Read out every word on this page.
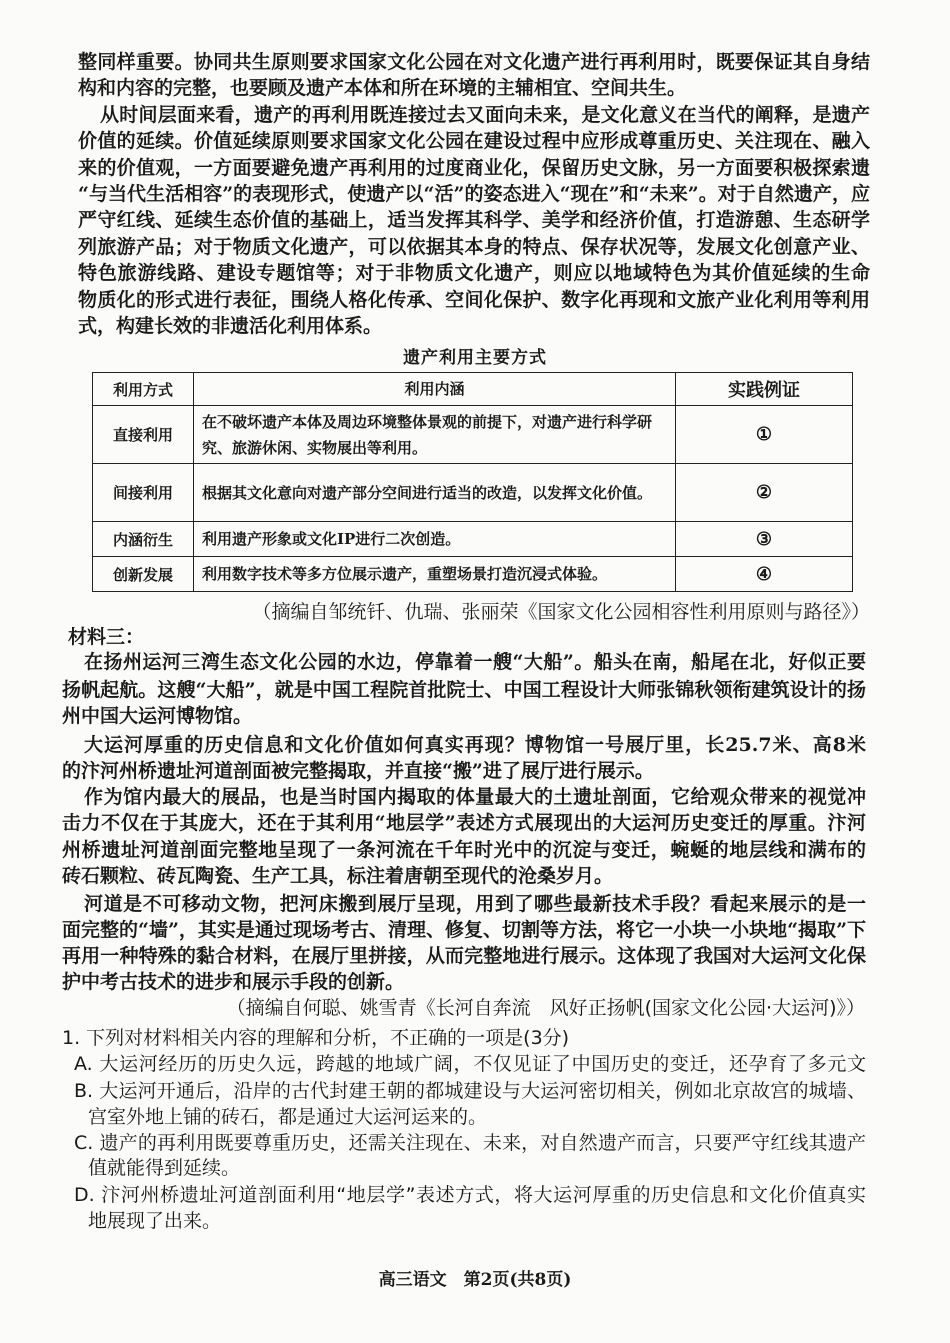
整同样重要。协同共生原则要求国家文化公园在对文化遗产进行再利用时，既要保证其自身结
构和内容的完整，也要顾及遗产本体和所在环境的主辅相宜、空间共生。
从时间层面来看，遗产的再利用既连接过去又面向未来，是文化意义在当代的阐释，是遗产
价值的延续。价值延续原则要求国家文化公园在建设过程中应形成尊重历史、关注现在、融入
来的价值观，一方面要避免遗产再利用的过度商业化，保留历史文脉，另一方面要积极探索遗
“与当代生活相容”的表现形式，使遗产以“活”的姿态进入“现在”和“未来”。对于自然遗产，应
严守红线、延续生态价值的基础上，适当发挥其科学、美学和经济价值，打造游憩、生态研学
列旅游产品；对于物质文化遗产，可以依据其本身的特点、保存状况等，发展文化创意产业、
特色旅游线路、建设专题馆等；对于非物质文化遗产，则应以地域特色为其价值延续的生命
物质化的形式进行表征，围绕人格化传承、空间化保护、数字化再现和文旅产业化利用等利用
式，构建长效的非遗活化利用体系。
遗产利用主要方式
利用方式	利用内涵	实践例证
直接利用	在不破坏遗产本体及周边环境整体景观的前提下，对遗产进行科学研究、旅游休闲、实物展出等利用。	①
间接利用	根据其文化意向对遗产部分空间进行适当的改造，以发挥文化价值。	②
内涵衍生	利用遗产形象或文化IP进行二次创造。	③
创新发展	利用数字技术等多方位展示遗产，重塑场景打造沉浸式体验。	④
（摘编自邹统钎、仇瑞、张丽荣《国家文化公园相容性利用原则与路径》）
材料三：
在扬州运河三湾生态文化公园的水边，停靠着一艘“大船”。船头在南，船尾在北，好似正要
扬帆起航。这艘“大船”，就是中国工程院首批院士、中国工程设计大师张锦秋领衔建筑设计的扬
州中国大运河博物馆。
大运河厚重的历史信息和文化价值如何真实再现？博物馆一号展厅里，长25.7米、高8米
的汴河州桥遗址河道剖面被完整揭取，并直接“搬”进了展厅进行展示。
作为馆内最大的展品，也是当时国内揭取的体量最大的土遗址剖面，它给观众带来的视觉冲
击力不仅在于其庞大，还在于其利用“地层学”表述方式展现出的大运河历史变迁的厚重。汴河
州桥遗址河道剖面完整地呈现了一条河流在千年时光中的沉淀与变迁，蜿蜒的地层线和满布的
砖石颗粒、砖瓦陶瓷、生产工具，标注着唐朝至现代的沧桑岁月。
河道是不可移动文物，把河床搬到展厅呈现，用到了哪些最新技术手段？看起来展示的是一
面完整的“墙”，其实是通过现场考古、清理、修复、切割等方法，将它一小块一小块地“揭取”下
再用一种特殊的黏合材料，在展厅里拼接，从而完整地进行展示。这体现了我国对大运河文化保
护中考古技术的进步和展示手段的创新。
（摘编自何聪、姚雪青《长河自奔流　风好正扬帆(国家文化公园·大运河)》）
1. 下列对材料相关内容的理解和分析，不正确的一项是(3分)
A. 大运河经历的历史久远，跨越的地域广阔，不仅见证了中国历史的变迁，还孕育了多元文
B. 大运河开通后，沿岸的古代封建王朝的都城建设与大运河密切相关，例如北京故宫的城墙、
宫室外地上铺的砖石，都是通过大运河运来的。
C. 遗产的再利用既要尊重历史，还需关注现在、未来，对自然遗产而言，只要严守红线其遗产
值就能得到延续。
D. 汴河州桥遗址河道剖面利用“地层学”表述方式，将大运河厚重的历史信息和文化价值真实
地展现了出来。
高三语文　第2页(共8页)
